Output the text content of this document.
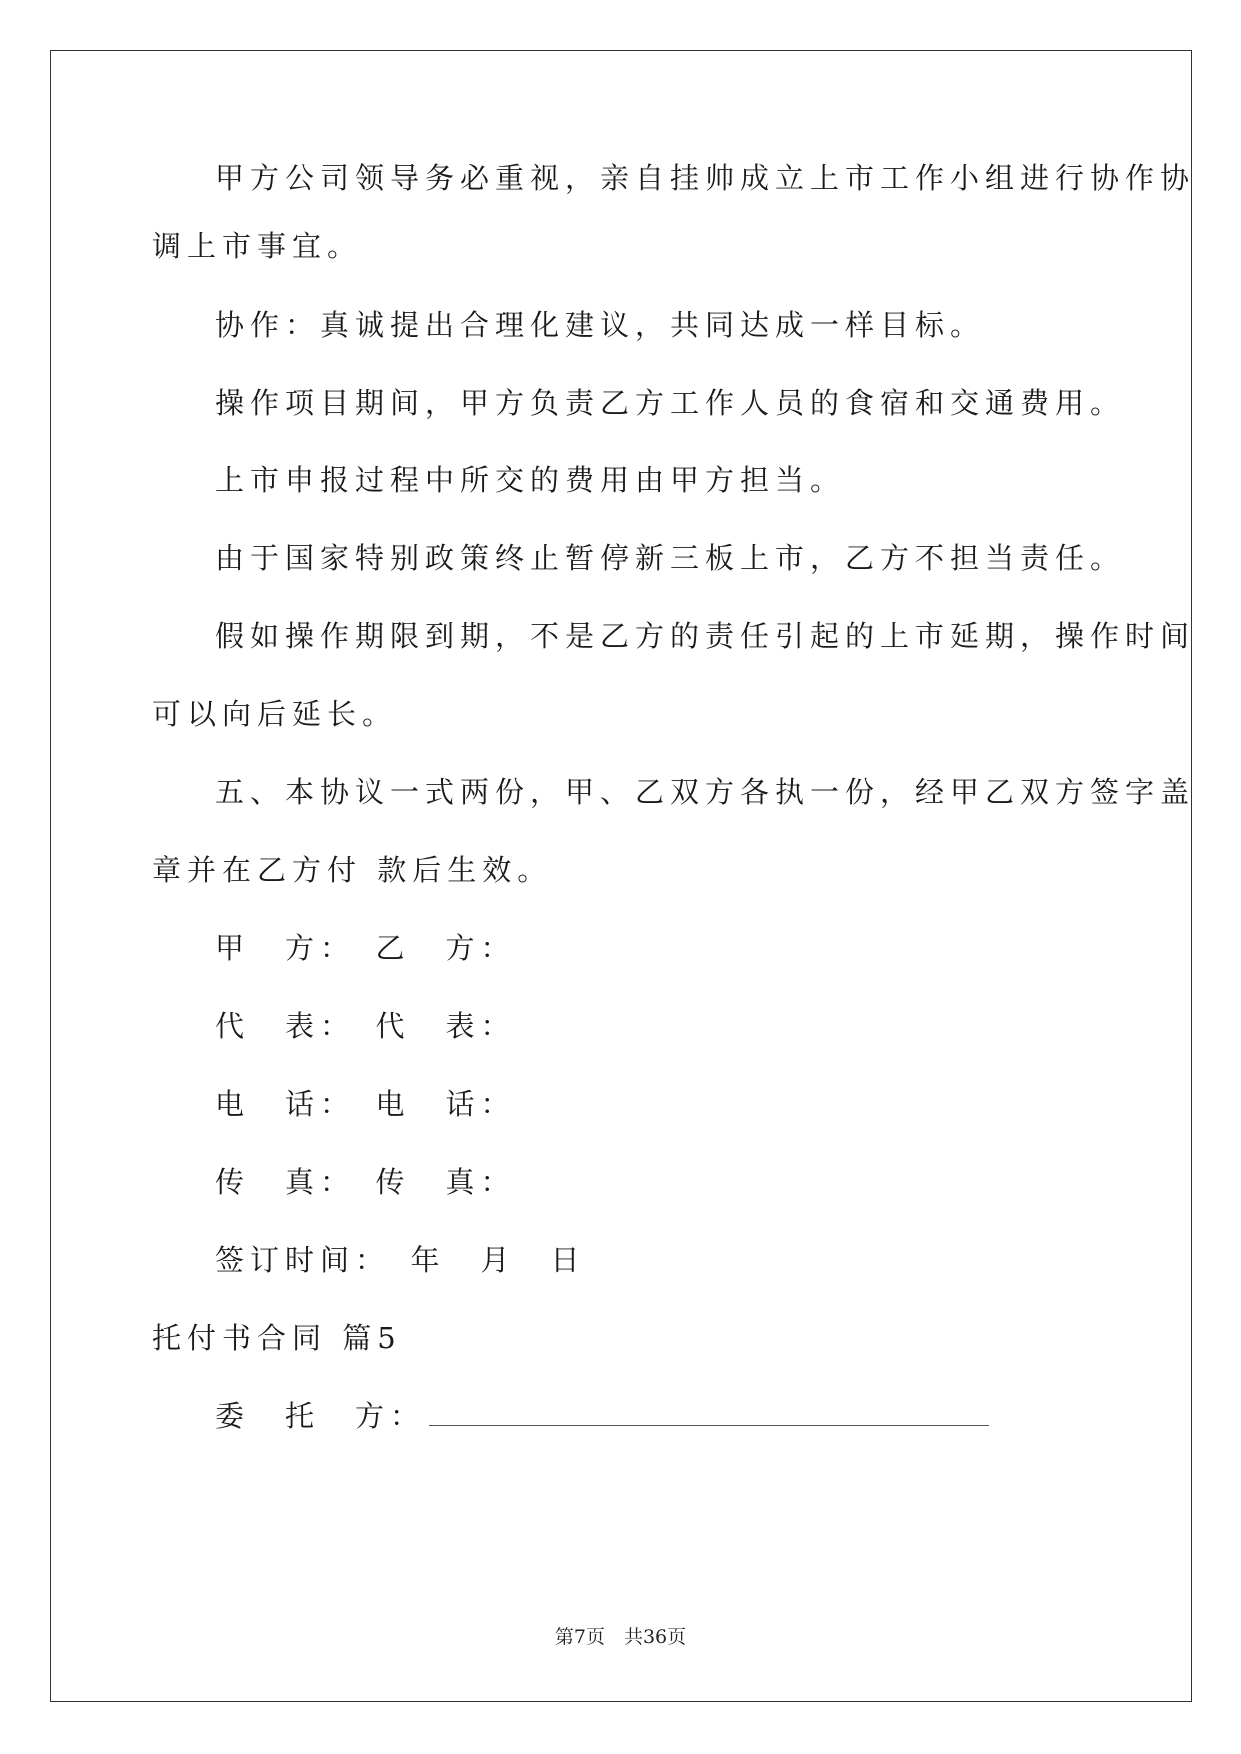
甲方公司领导务必重视，亲自挂帅成立上市工作小组进行协作协
调上市事宜。
协作：真诚提出合理化建议，共同达成一样目标。
操作项目期间，甲方负责乙方工作人员的食宿和交通费用。
上市申报过程中所交的费用由甲方担当。
由于国家特别政策终止暂停新三板上市，乙方不担当责任。
假如操作期限到期，不是乙方的责任引起的上市延期，操作时间
可以向后延长。
五、本协议一式两份，甲、乙双方各执一份，经甲乙双方签字盖
章并在乙方付 款后生效。
甲　方：　乙　方：
代　表：　代　表：
电　话：　电　话：
传　真：　传　真：
签订时间：　年　月　日
托付书合同 篇5
委　托　方：
第7页　共36页
